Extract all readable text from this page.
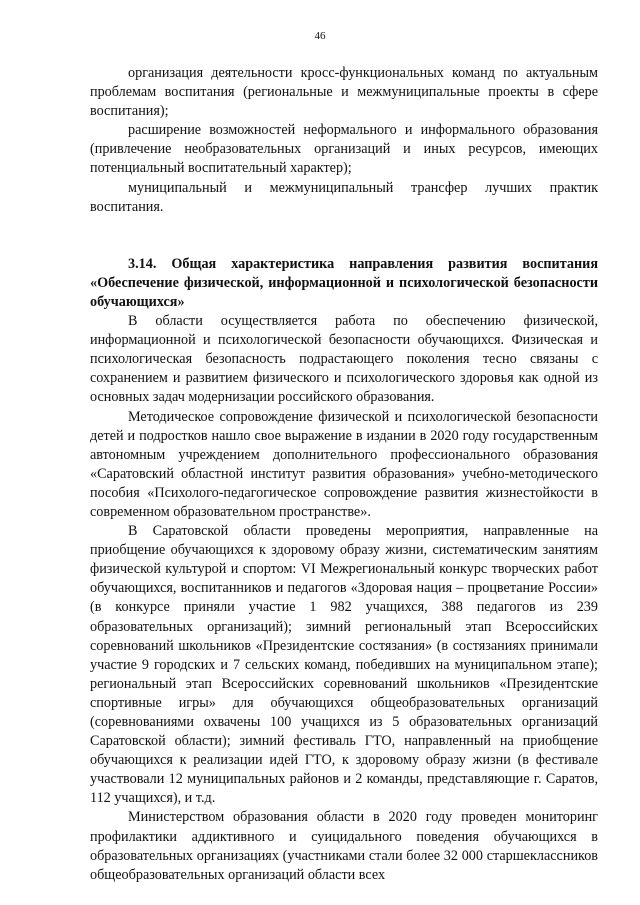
46

организация деятельности кросс-функциональных команд по актуальным проблемам воспитания (региональные и межмуниципальные проекты в сфере воспитания);

расширение возможностей неформального и информального образования (привлечение необразовательных организаций и иных ресурсов, имеющих потенциальный воспитательный характер);

муниципальный и межмуниципальный трансфер лучших практик воспитания.

3.14. Общая характеристика направления развития воспитания «Обеспечение физической, информационной и психологической безопасности обучающихся»

В области осуществляется работа по обеспечению физической, информационной и психологической безопасности обучающихся. Физическая и психологическая безопасность подрастающего поколения тесно связаны с сохранением и развитием физического и психологического здоровья как одной из основных задач модернизации российского образования.

Методическое сопровождение физической и психологической безопасности детей и подростков нашло свое выражение в издании в 2020 году государственным автономным учреждением дополнительного профессионального образования «Саратовский областной институт развития образования» учебно-методического пособия «Психолого-педагогическое сопровождение развития жизнестойкости в современном образовательном пространстве».

В Саратовской области проведены мероприятия, направленные на приобщение обучающихся к здоровому образу жизни, систематическим занятиям физической культурой и спортом: VI Межрегиональный конкурс творческих работ обучающихся, воспитанников и педагогов «Здоровая нация – процветание России» (в конкурсе приняли участие 1 982 учащихся, 388 педагогов из 239 образовательных организаций); зимний региональный этап Всероссийских соревнований школьников «Президентские состязания» (в состязаниях принимали участие 9 городских и 7 сельских команд, победивших на муниципальном этапе); региональный этап Всероссийских соревнований школьников «Президентские спортивные игры» для обучающихся общеобразовательных организаций (соревнованиями охвачены 100 учащихся из 5 образовательных организаций Саратовской области); зимний фестиваль ГТО, направленный на приобщение обучающихся к реализации идей ГТО, к здоровому образу жизни (в фестивале участвовали 12 муниципальных районов и 2 команды, представляющие г. Саратов, 112 учащихся), и т.д.

Министерством образования области в 2020 году проведен мониторинг профилактики аддиктивного и суицидального поведения обучающихся в образовательных организациях (участниками стали более 32 000 старшеклассников общеобразовательных организаций области всех
